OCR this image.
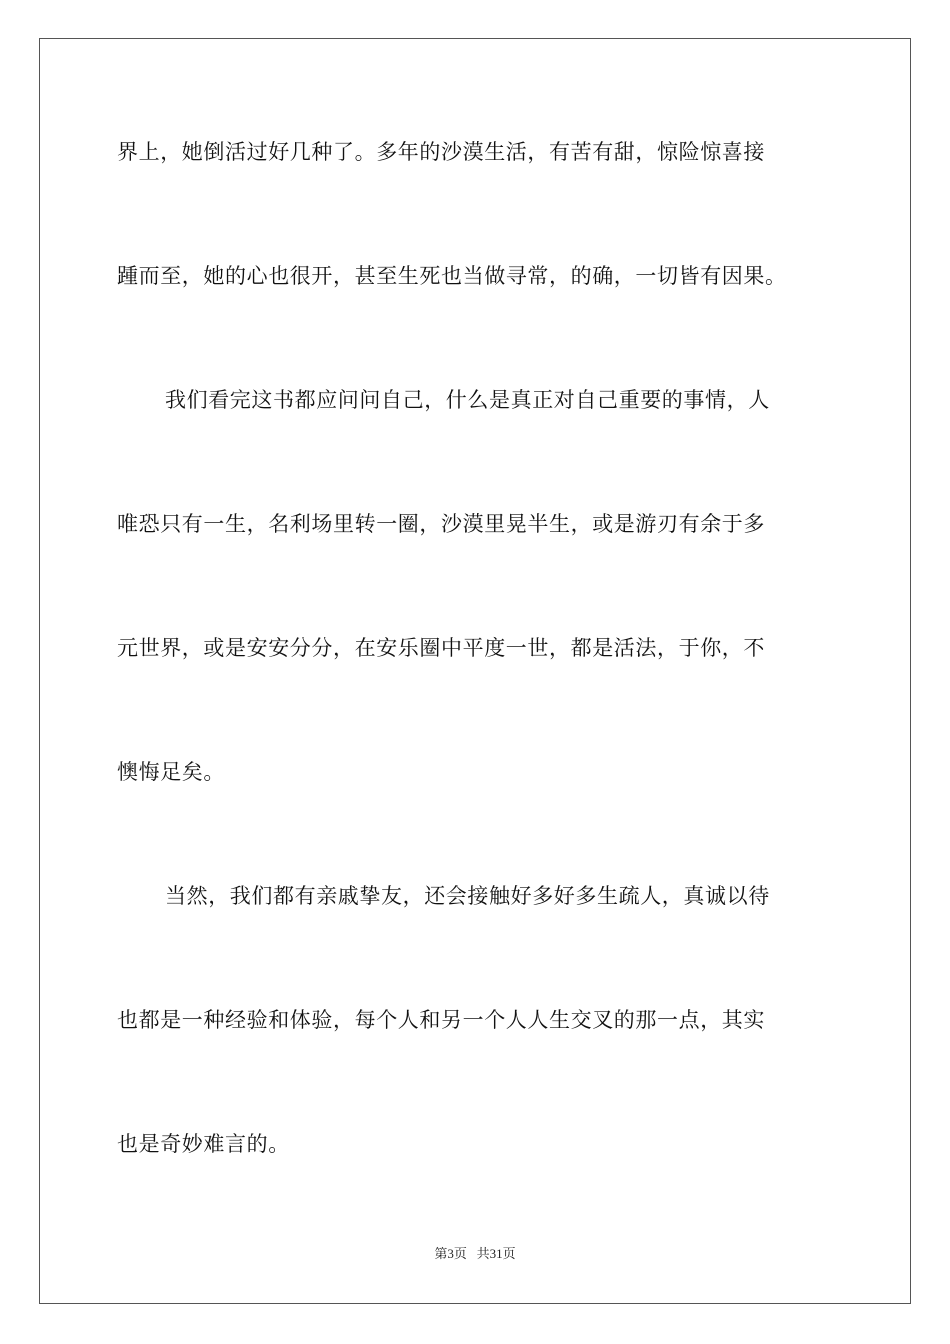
界上，她倒活过好几种了。多年的沙漠生活，有苦有甜，惊险惊喜接
踵而至，她的心也很开，甚至生死也当做寻常，的确，一切皆有因果。
我们看完这书都应问问自己，什么是真正对自己重要的事情，人
唯恐只有一生，名利场里转一圈，沙漠里晃半生，或是游刃有余于多
元世界，或是安安分分，在安乐圈中平度一世，都是活法，于你，不
懊悔足矣。
当然，我们都有亲戚挚友，还会接触好多好多生疏人，真诚以待
也都是一种经验和体验，每个人和另一个人人生交叉的那一点，其实
也是奇妙难言的。
第3页 共31页
